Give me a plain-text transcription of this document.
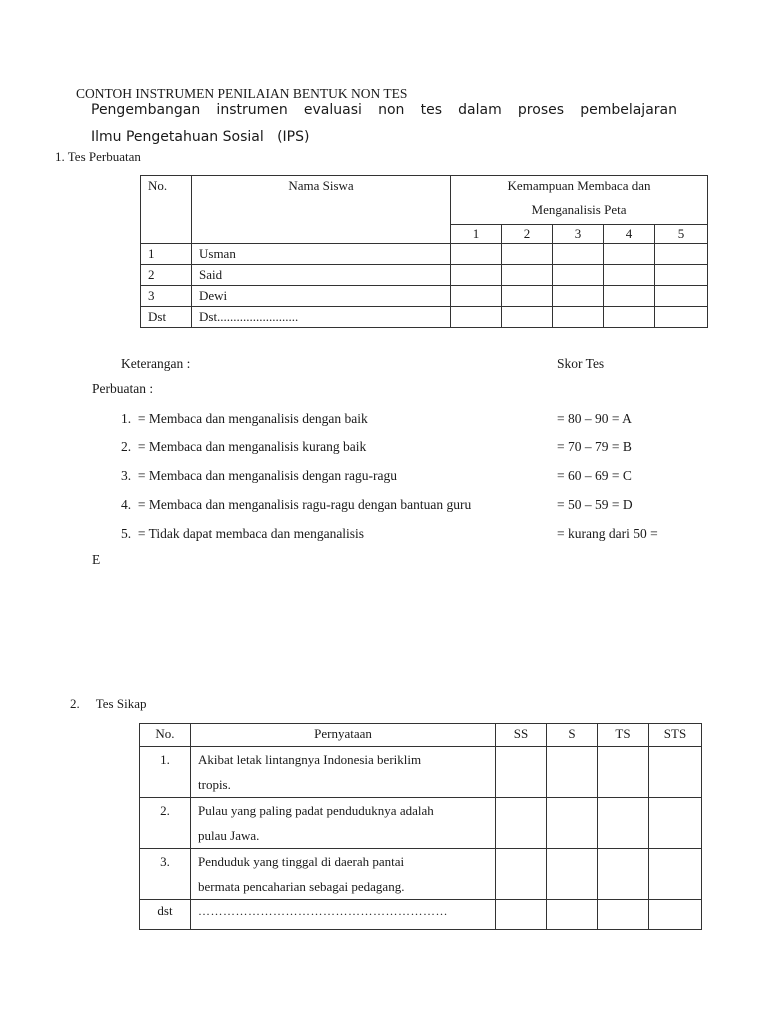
CONTOH INSTRUMEN PENILAIAN BENTUK NON TES
Pengembangan instrumen evaluasi non tes dalam proses pembelajaran
Ilmu Pengetahuan Sosial   (IPS)
1. Tes Perbuatan
No.	Nama Siswa	Kemampuan Membaca dan
Menganalisis Peta				

		1	2	3	4	5
1	Usman					
2	Said					
3	Dewi					
Dst	Dst.........................					
Keterangan :	Skor Tes
Perbuatan :
1. = Membaca dan menganalisis dengan baik	= 80 – 90 = A
2. = Membaca dan menganalisis kurang baik	= 70 – 79 = B
3. = Membaca dan menganalisis dengan ragu-ragu	= 60 – 69 = C
4. = Membaca dan menganalisis ragu-ragu dengan bantuan guru	= 50 – 59 = D
5. = Tidak dapat membaca dan menganalisis	= kurang dari 50 =
E
2. Tes Sikap
No.	Pernyataan	SS	S	TS	STS
1.	Akibat letak lintangnya Indonesia beriklim
tropis.				

2.	Pulau yang paling padat penduduknya adalah
pulau Jawa.				

3.	Penduduk yang tinggal di daerah pantai
bermata pencaharian sebagai pedagang.				

dst	……………………………………………………				
